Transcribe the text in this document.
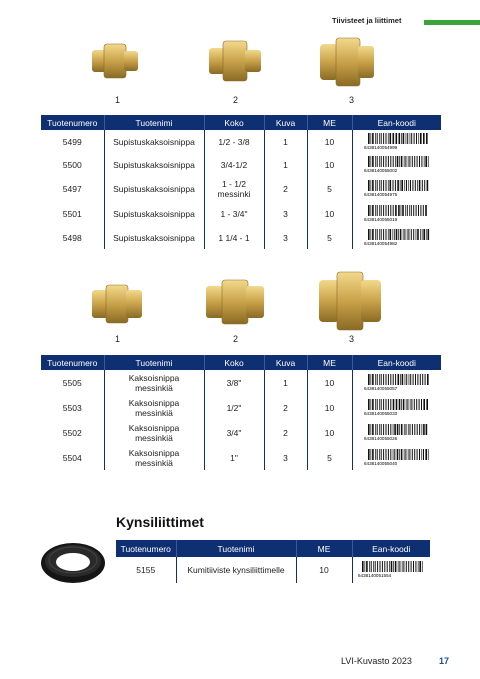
Tiivisteet ja liittimet
1	2	3
Tuotenumero	Tuotenimi	Koko	Kuva	ME	Ean-koodi
5499	Supistuskaksoisnippa	1/2 - 3/8	1	10	6438140054999

5500	Supistuskaksoisnippa	3/4-1/2	1	10	6438140055002

5497	Supistuskaksoisnippa	1 - 1/2 messinki	2	5	6438140054975

5501	Supistuskaksoisnippa	1 - 3/4"	3	10	6438140055019

5498	Supistuskaksoisnippa	1 1/4 - 1	3	5	6438140054982
1	2	3
Tuotenumero	Tuotenimi	Koko	Kuva	ME	Ean-koodi
5505	Kaksoisnippa messinkiä	3/8"	1	10	6438140055057

5503	Kaksoisnippa messinkiä	1/2"	2	10	6438140055033

5502	Kaksoisnippa messinkiä	3/4"	2	10	6438140055026

5504	Kaksoisnippa messinkiä	1"	3	5	6438140055040
Kynsiliittimet
Tuotenumero	Tuotenimi	ME	Ean-koodi
5155	Kumitiiviste kynsiliittimelle	10	6438140051554
LVI-Kuvasto 2023	17
